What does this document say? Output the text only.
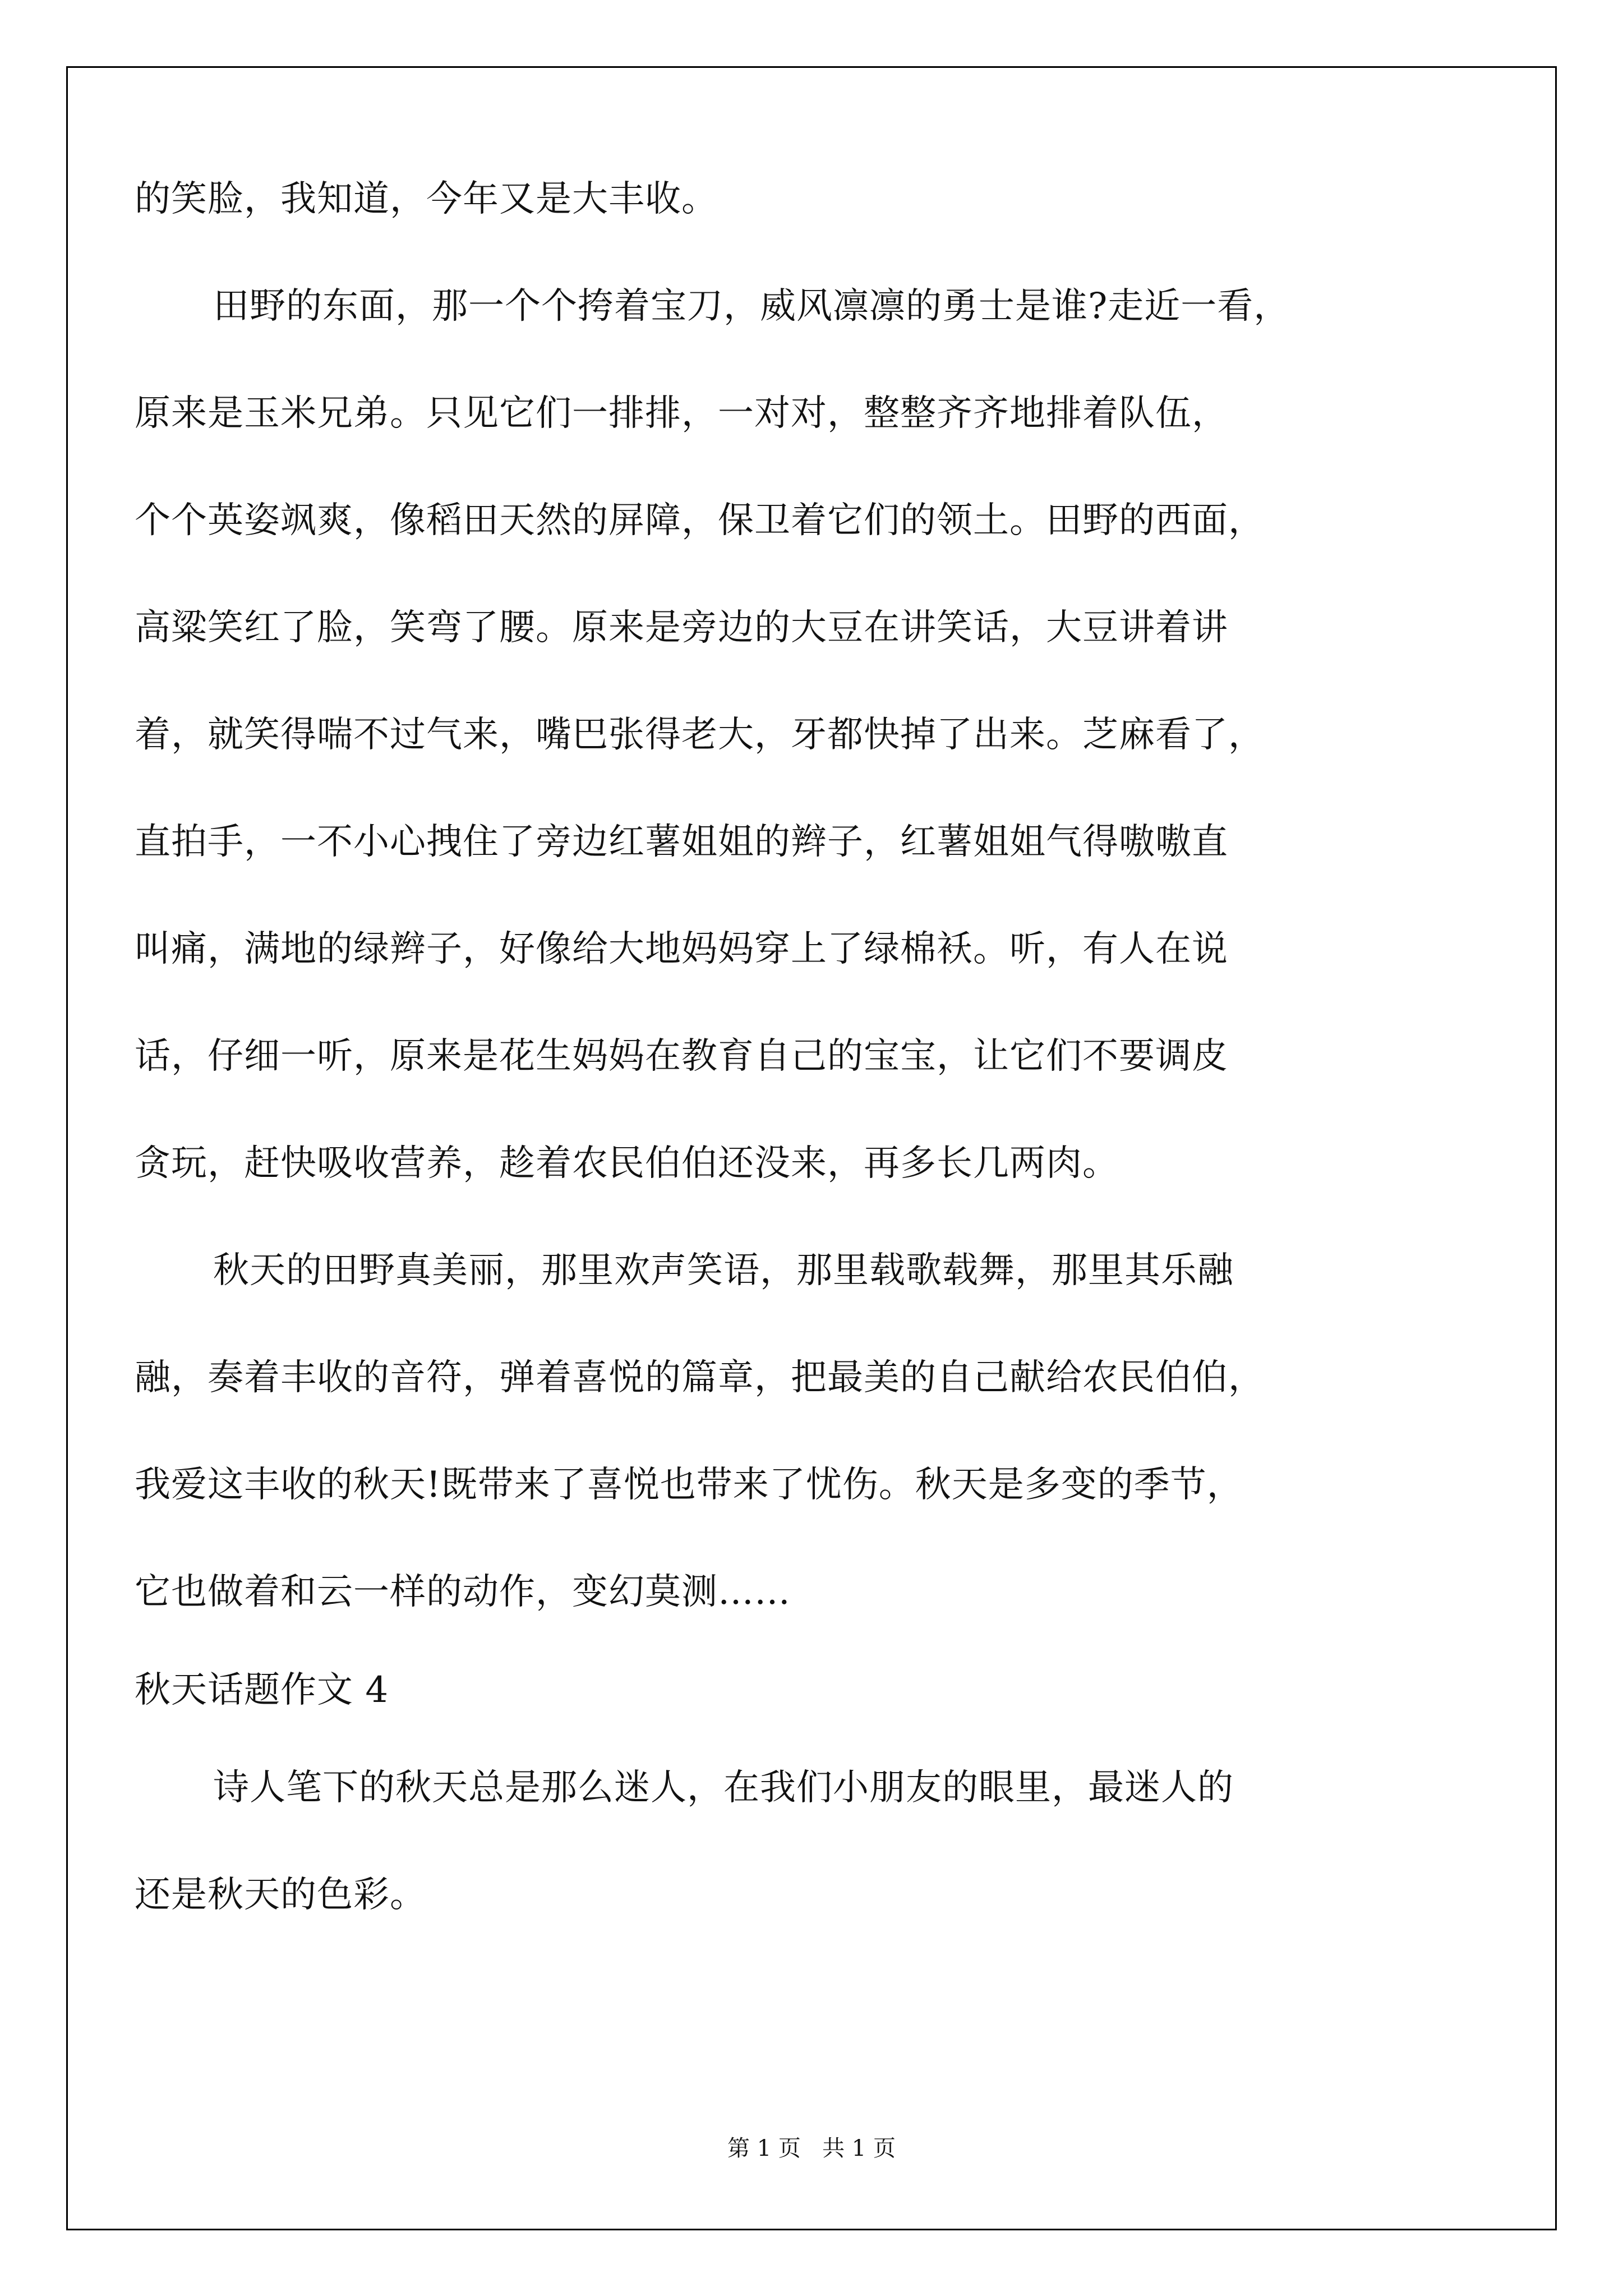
的笑脸，我知道，今年又是大丰收。

田野的东面，那一个个挎着宝刀，威风凛凛的勇士是谁?走近一看，

原来是玉米兄弟。只见它们一排排，一对对，整整齐齐地排着队伍，

个个英姿飒爽，像稻田天然的屏障，保卫着它们的领土。田野的西面，

高粱笑红了脸，笑弯了腰。原来是旁边的大豆在讲笑话，大豆讲着讲

着，就笑得喘不过气来，嘴巴张得老大，牙都快掉了出来。芝麻看了，

直拍手，一不小心拽住了旁边红薯姐姐的辫子，红薯姐姐气得嗷嗷直

叫痛，满地的绿辫子，好像给大地妈妈穿上了绿棉袄。听，有人在说

话，仔细一听，原来是花生妈妈在教育自己的宝宝，让它们不要调皮

贪玩，赶快吸收营养，趁着农民伯伯还没来，再多长几两肉。

秋天的田野真美丽，那里欢声笑语，那里载歌载舞，那里其乐融

融，奏着丰收的音符，弹着喜悦的篇章，把最美的自己献给农民伯伯，

我爱这丰收的秋天!既带来了喜悦也带来了忧伤。秋天是多变的季节，

它也做着和云一样的动作，变幻莫测……

秋天话题作文 4

诗人笔下的秋天总是那么迷人，在我们小朋友的眼里，最迷人的

还是秋天的色彩。

第 1 页 共 1 页
